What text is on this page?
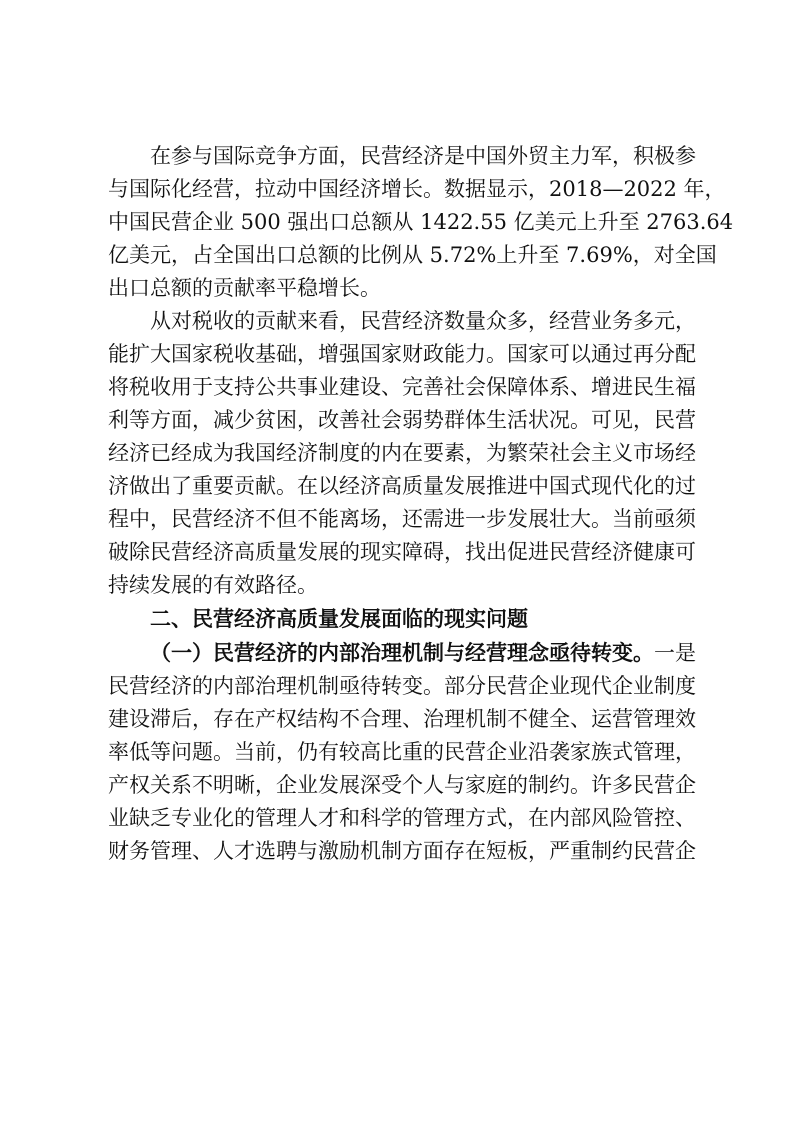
在参与国际竞争方面，民营经济是中国外贸主力军，积极参
与国际化经营，拉动中国经济增长。数据显示，2018—2022 年，
中国民营企业 500 强出口总额从 1422.55 亿美元上升至 2763.64
亿美元，占全国出口总额的比例从 5.72%上升至 7.69%，对全国
出口总额的贡献率平稳增长。
从对税收的贡献来看，民营经济数量众多，经营业务多元，
能扩大国家税收基础，增强国家财政能力。国家可以通过再分配
将税收用于支持公共事业建设、完善社会保障体系、增进民生福
利等方面，减少贫困，改善社会弱势群体生活状况。可见，民营
经济已经成为我国经济制度的内在要素，为繁荣社会主义市场经
济做出了重要贡献。在以经济高质量发展推进中国式现代化的过
程中，民营经济不但不能离场，还需进一步发展壮大。当前亟须
破除民营经济高质量发展的现实障碍，找出促进民营经济健康可
持续发展的有效路径。
二、民营经济高质量发展面临的现实问题
（一）民营经济的内部治理机制与经营理念亟待转变。一是
民营经济的内部治理机制亟待转变。部分民营企业现代企业制度
建设滞后，存在产权结构不合理、治理机制不健全、运营管理效
率低等问题。当前，仍有较高比重的民营企业沿袭家族式管理，
产权关系不明晰，企业发展深受个人与家庭的制约。许多民营企
业缺乏专业化的管理人才和科学的管理方式，在内部风险管控、
财务管理、人才选聘与激励机制方面存在短板，严重制约民营企
